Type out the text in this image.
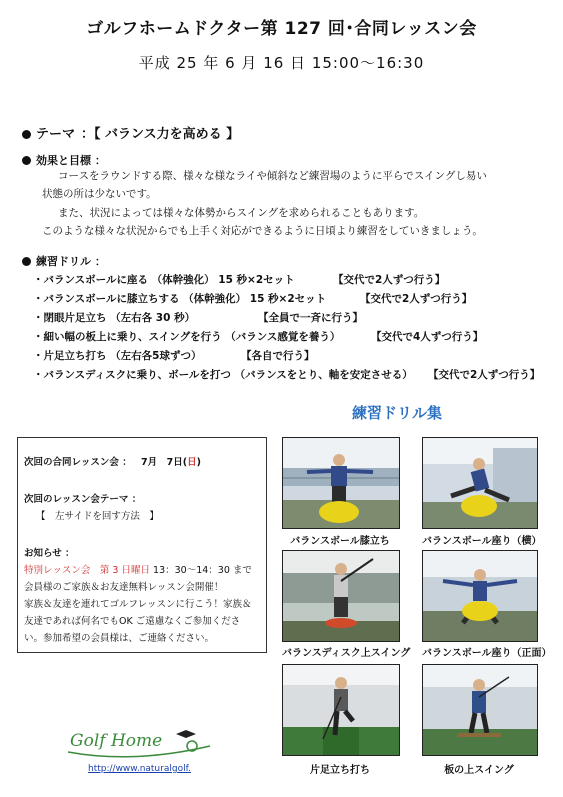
ゴルフホームドクター第 127 回･合同レッスン会
平成 25 年 6 月 16 日 15:00～16:30
テーマ ：【 バランス力を高める 】
効果と目標 ：
コースをラウンドする際、様々な様なライや傾斜など練習場のように平らでスイングし易い
状態の所は少ないです。
また、状況によっては様々な体勢からスイングを求められることもあります。
このような様々な状況からでも上手く対応ができるように日頃より練習をしていきましょう。
練習ドリル ：
・バランスボールに座る （体幹強化） 15 秒×2セット	【交代で2人ずつ行う】
・バランスボールに膝立ちする （体幹強化） 15 秒×2セット	【交代で2人ずつ行う】
・閉眼片足立ち （左右各 30 秒）	【全員で一斉に行う】
・細い幅の板上に乗り、スイングを行う （バランス感覚を養う）	【交代で4人ずつ行う】
・片足立ち打ち （左右各5球ずつ）	【各自で行う】
・バランスディスクに乗り、ボールを打つ （バランスをとり、軸を安定させる） 【交代で2人ずつ行う】
練習ドリル集
次回の合同レッスン会 ： 7月　7日(日)
次回のレッスン会テーマ ：
【　左サイドを回す方法　】
お知らせ ：
特別レッスン会　第 3 日曜日 13：30～14：30 まで
会員様のご家族＆お友達無料レッスン会開催！
家族＆友達を連れてゴルフレッスンに行こう！家族＆
友達であれば何名でもOK ご遠慮なくご参加くださ
い。参加希望の会員様は、ご連絡ください。
バランスボール膝立ち	バランスボール座り（横）
バランスディスク上スイング バランスボール座り（正面）
片足立ち打ち	板の上スイング
Golf Home
http://www.naturalgolf.
